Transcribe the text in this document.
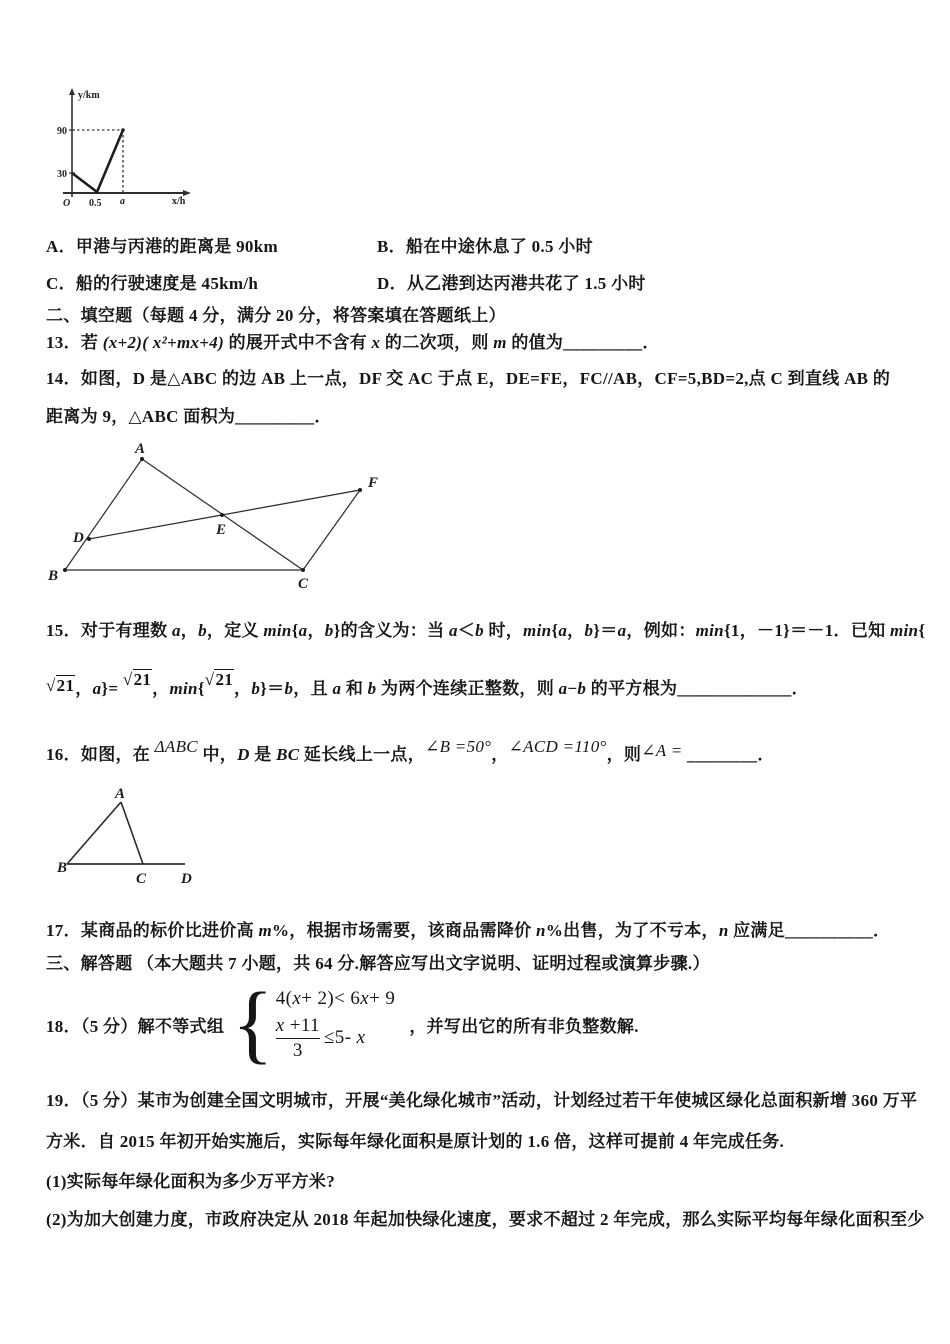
y/km
x/h
90
30
O 0.5 a
A．甲港与丙港的距离是 90km	B．船在中途休息了 0.5 小时
C．船的行驶速度是 45km/h	D．从乙港到达丙港共花了 1.5 小时
二、填空题（每题 4 分，满分 20 分，将答案填在答题纸上）
13．若 (x+2)( x²+mx+4) 的展开式中不含有 x 的二次项，则 m 的值为_________．
14．如图，D 是△ABC 的边 AB 上一点，DF 交 AC 于点 E，DE=FE，FC//AB，CF=5,BD=2,点 C 到直线 AB 的
距离为 9，△ABC 面积为_________．
A
B	C
D	E
F
15．对于有理数 a，b，定义 min{a，b}的含义为：当 a＜b 时，min{a，b}＝a，例如：min{1，－1}＝－1．已知 min{
√21，a}= √21，min{√21，b}＝b，且 a 和 b 为两个连续正整数，则 a−b 的平方根为_____________．
16．如图，在 ΔABC 中，D 是 BC 延长线上一点，∠B =50°，∠ACD =110°，则∠A = ________．
A
B
C D
17．某商品的标价比进价高 m%，根据市场需要，该商品需降价 n%出售，为了不亏本，n 应满足__________．
三、解答题 （本大题共 7 小题，共 64 分.解答应写出文字说明、证明过程或演算步骤.）
18．（5 分）解不等式组 { 4( x + 2)< 6 x + 9
$\frac{x +11}{3} \le 5-$ x
，并写出它的所有非负整数解.
19．（5 分）某市为创建全国文明城市，开展“美化绿化城市”活动，计划经过若干年使城区绿化总面积新增 360 万平
方米．自 2015 年初开始实施后，实际每年绿化面积是原计划的 1.6 倍，这样可提前 4 年完成任务.
(1)实际每年绿化面积为多少万平方米?
(2)为加大创建力度，市政府决定从 2018 年起加快绿化速度，要求不超过 2 年完成，那么实际平均每年绿化面积至少
